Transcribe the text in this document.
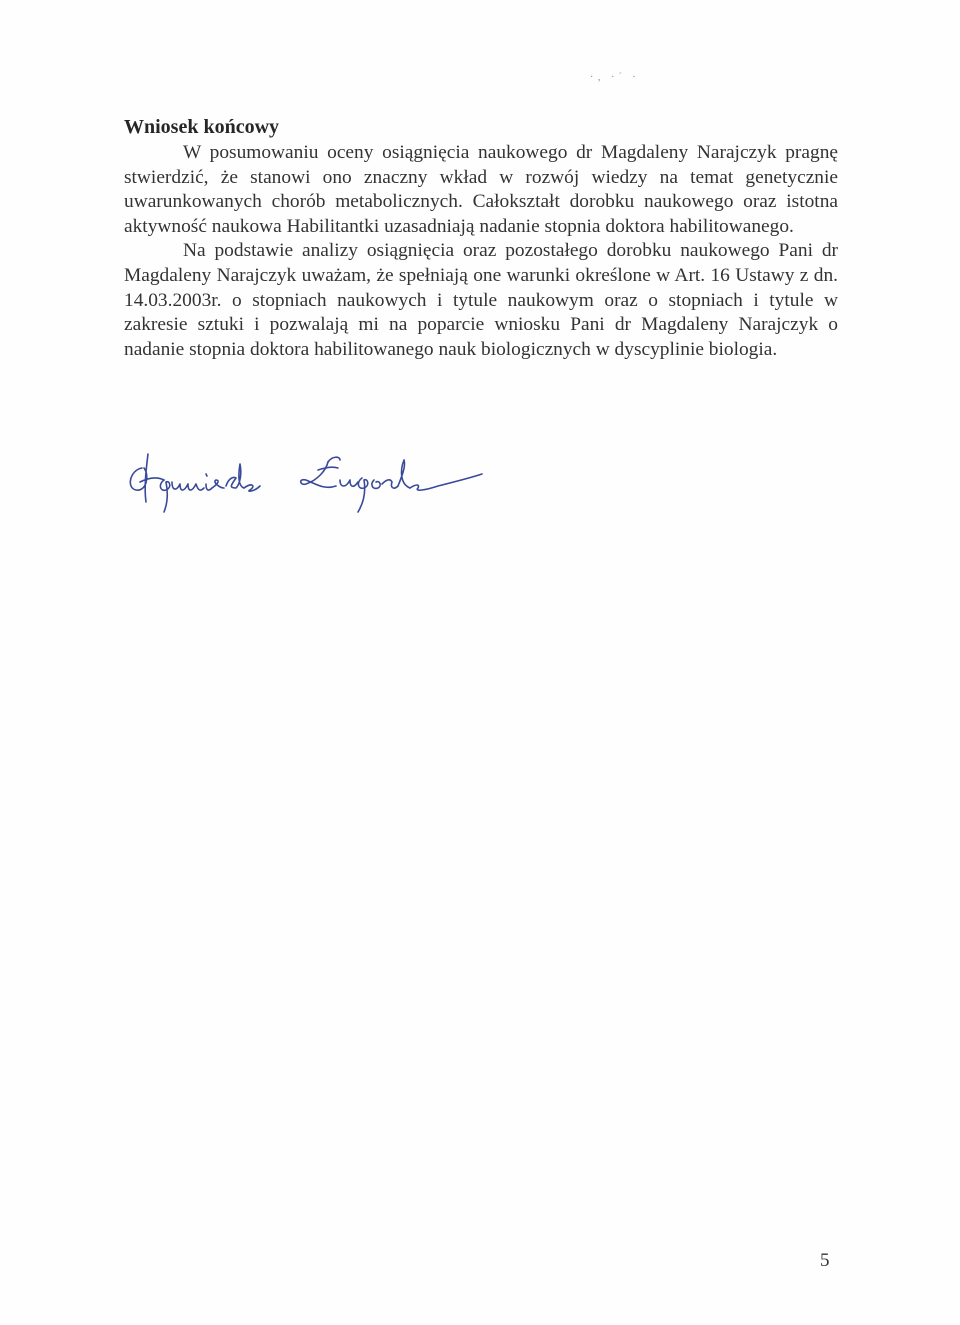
·‚ ·´ ·

Wniosek końcowy

W posumowaniu oceny osiągnięcia naukowego dr Magdaleny Narajczyk pragnę stwierdzić, że stanowi ono znaczny wkład w rozwój wiedzy na temat genetycznie uwarunkowanych chorób metabolicznych. Całokształt dorobku naukowego oraz istotna aktywność naukowa Habilitantki uzasadniają nadanie stopnia doktora habilitowanego.

Na podstawie analizy osiągnięcia oraz pozostałego dorobku naukowego Pani dr Magdaleny Narajczyk uważam, że spełniają one warunki określone w Art. 16 Ustawy z dn. 14.03.2003r. o stopniach naukowych i tytule naukowym oraz o stopniach i tytule w zakresie sztuki i pozwalają mi na poparcie wniosku Pani dr Magdaleny Narajczyk o nadanie stopnia doktora habilitowanego nauk biologicznych w dyscyplinie biologia.

5
